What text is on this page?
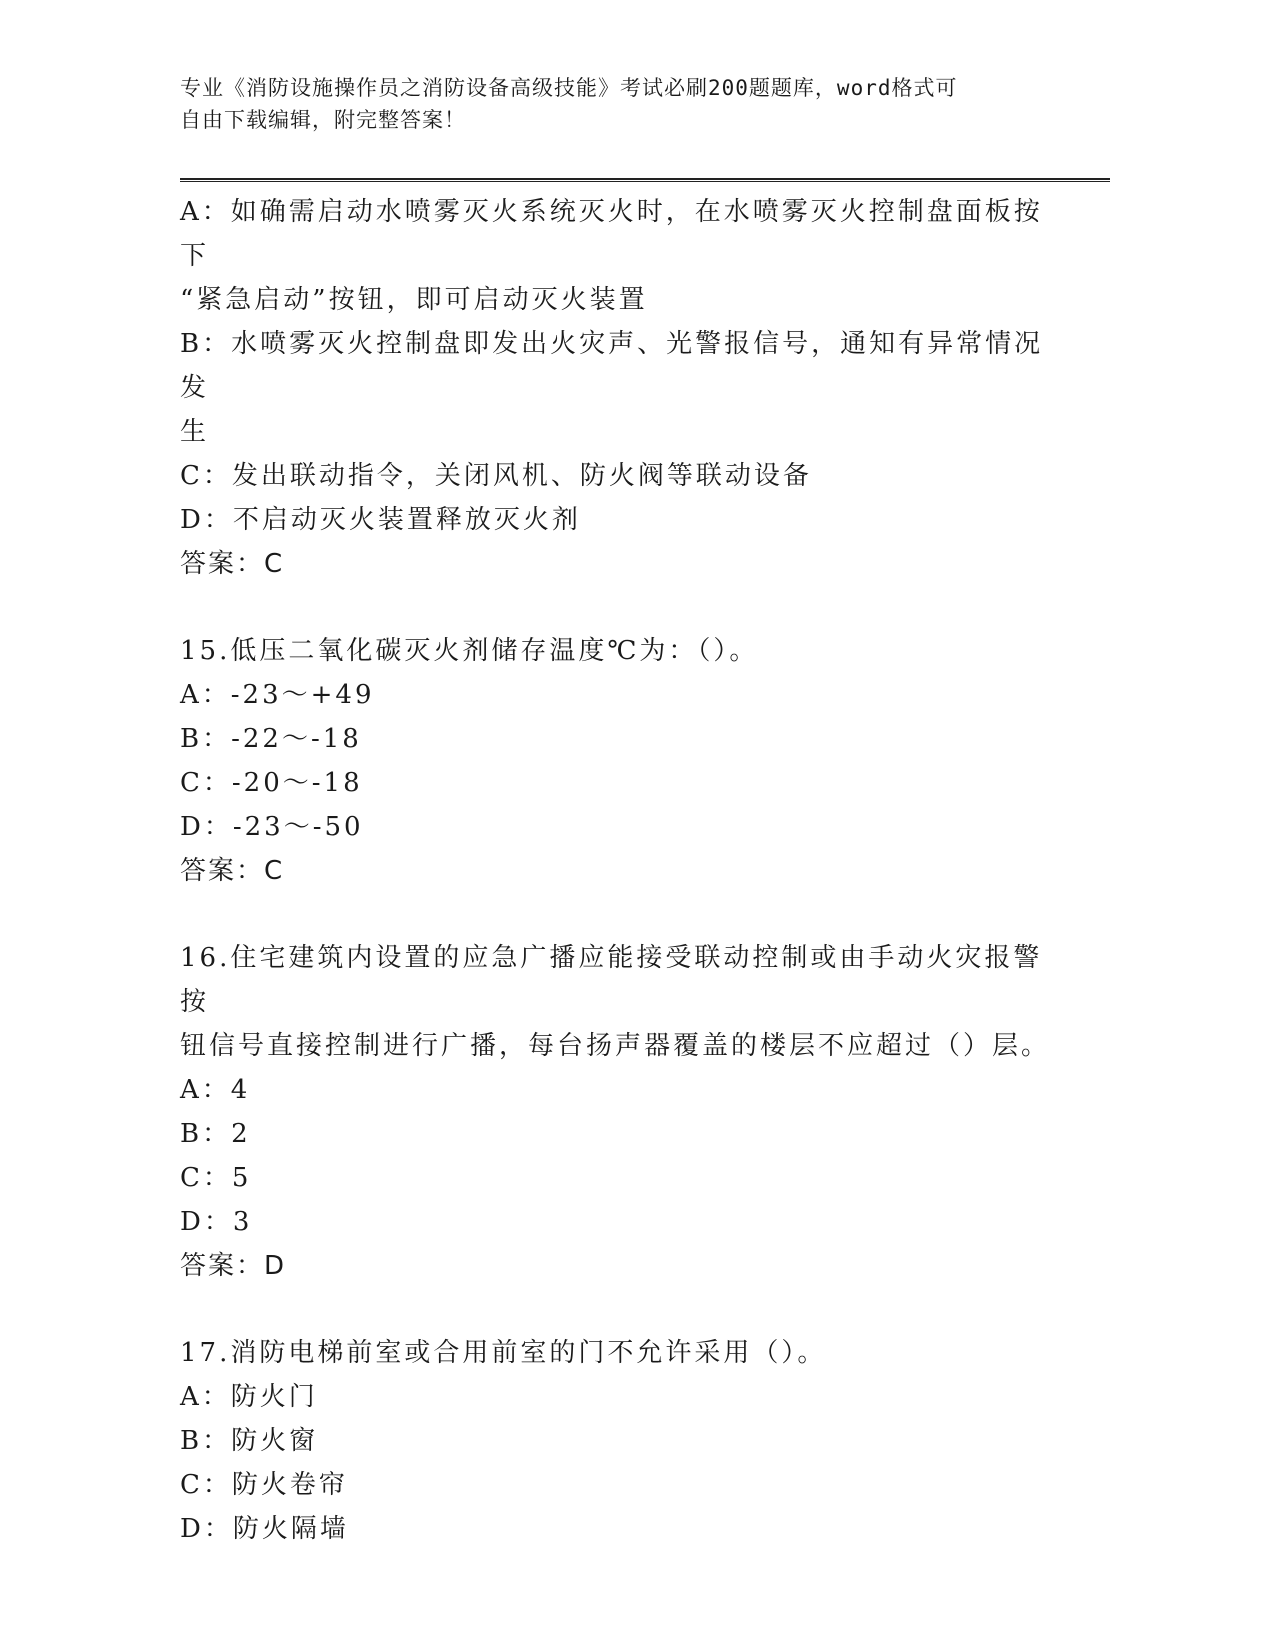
专业《消防设施操作员之消防设备高级技能》考试必刷200题题库，word格式可
自由下载编辑，附完整答案！
A：如确需启动水喷雾灭火系统灭火时，在水喷雾灭火控制盘面板按下
“紧急启动”按钮，即可启动灭火装置
B：水喷雾灭火控制盘即发出火灾声、光警报信号，通知有异常情况发
生
C：发出联动指令，关闭风机、防火阀等联动设备
D：不启动灭火装置释放灭火剂
答案：C
15.低压二氧化碳灭火剂储存温度℃为：（）。
A：-23～+49
B：-22～-18
C：-20～-18
D：-23～-50
答案：C
16.住宅建筑内设置的应急广播应能接受联动控制或由手动火灾报警按
钮信号直接控制进行广播，每台扬声器覆盖的楼层不应超过（）层。
A：4
B：2
C：5
D：3
答案：D
17.消防电梯前室或合用前室的门不允许采用（）。
A：防火门
B：防火窗
C：防火卷帘
D：防火隔墙
